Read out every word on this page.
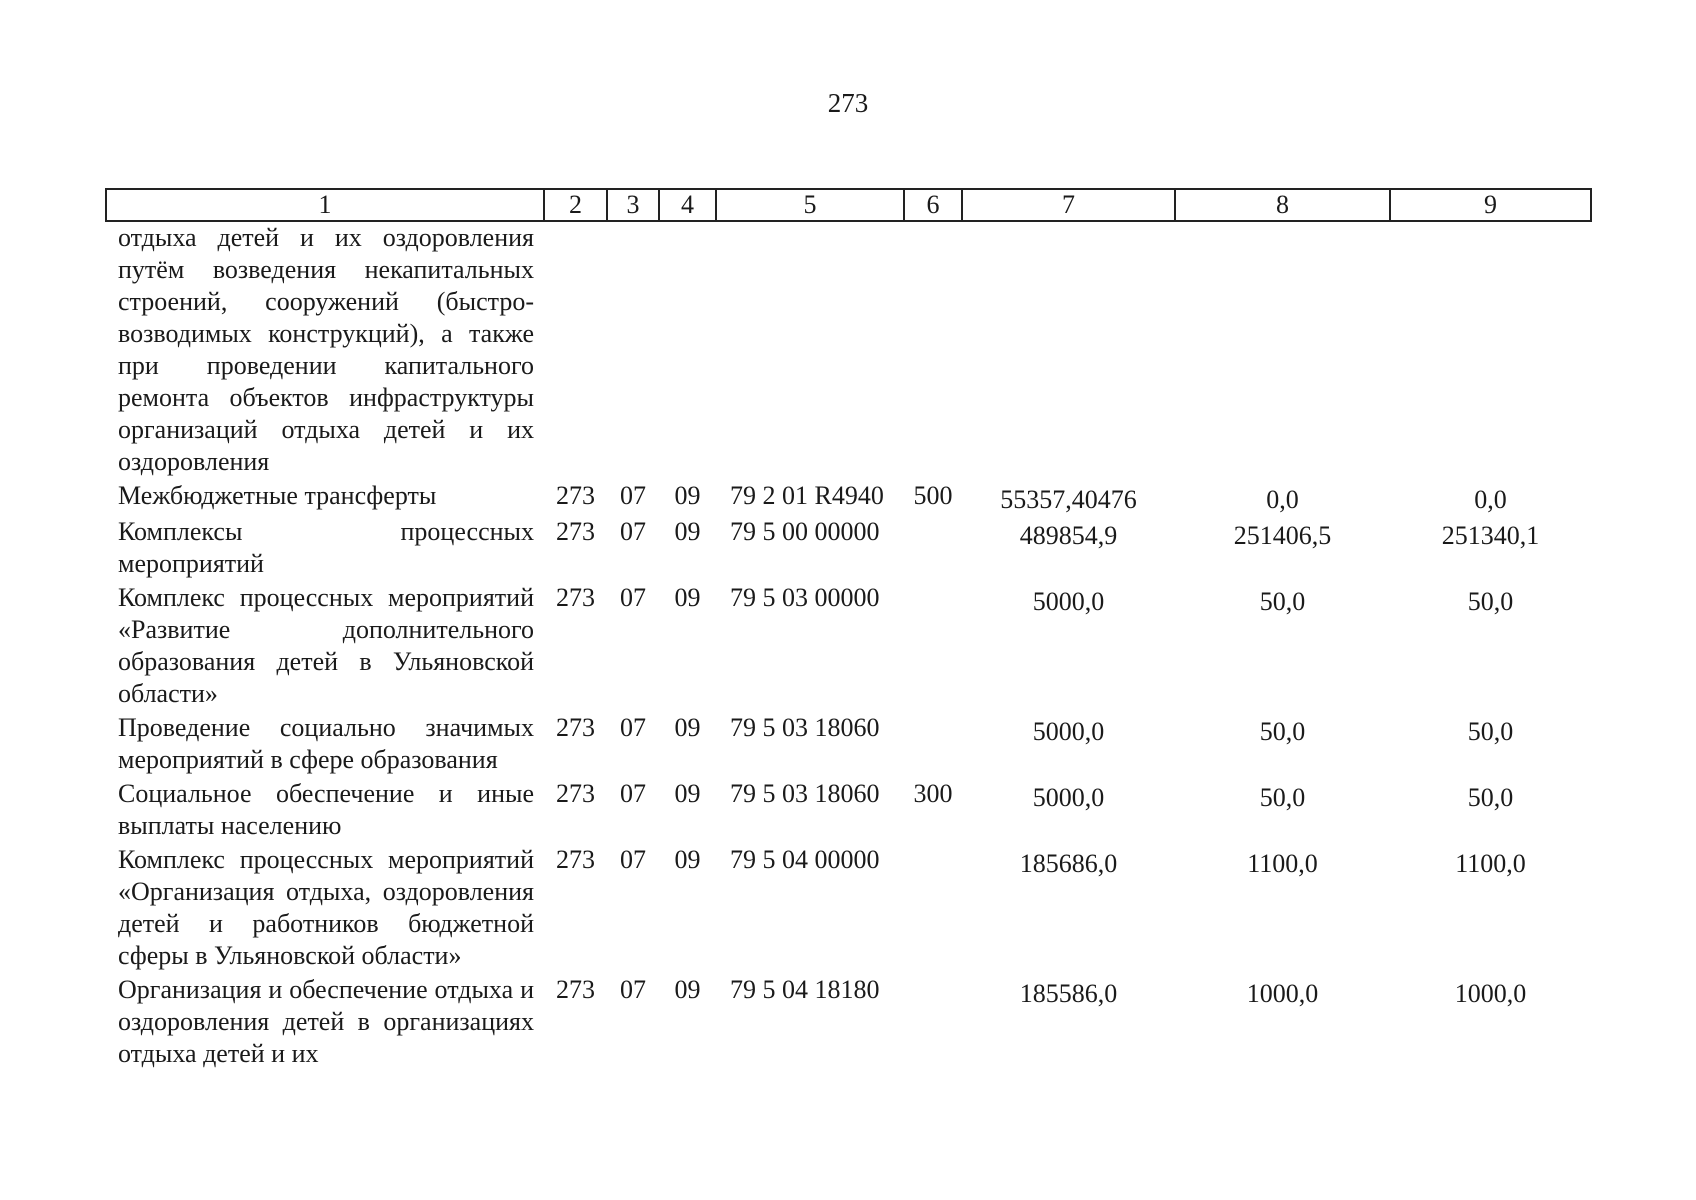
273
1	2	3	4	5	6	7	8	9
отдыха детей и их оздоровления путём возведения некапитальных строений, сооружений (быстро-возводимых конструкций), а также при проведении капитального ремонта объектов инфраструктуры организаций отдыха детей и их оздоровления								
Межбюджетные трансферты	273	07	09	79 2 01 R4940	500	55357,40476	0,0	0,0
Комплексы процессных мероприятий	273	07	09	79 5 00 00000		489854,9	251406,5	251340,1
Комплекс процессных мероприятий «Развитие дополнительного образования детей в Ульяновской области»	273	07	09	79 5 03 00000		5000,0	50,0	50,0
Проведение социально значимых мероприятий в сфере образования	273	07	09	79 5 03 18060		5000,0	50,0	50,0
Социальное обеспечение и иные выплаты населению	273	07	09	79 5 03 18060	300	5000,0	50,0	50,0
Комплекс процессных мероприятий «Организация отдыха, оздоровления детей и работников бюджетной сферы в Ульяновской области»	273	07	09	79 5 04 00000		185686,0	1100,0	1100,0
Организация и обеспечение отдыха и оздоровления детей в организациях отдыха детей и их	273	07	09	79 5 04 18180		185586,0	1000,0	1000,0
